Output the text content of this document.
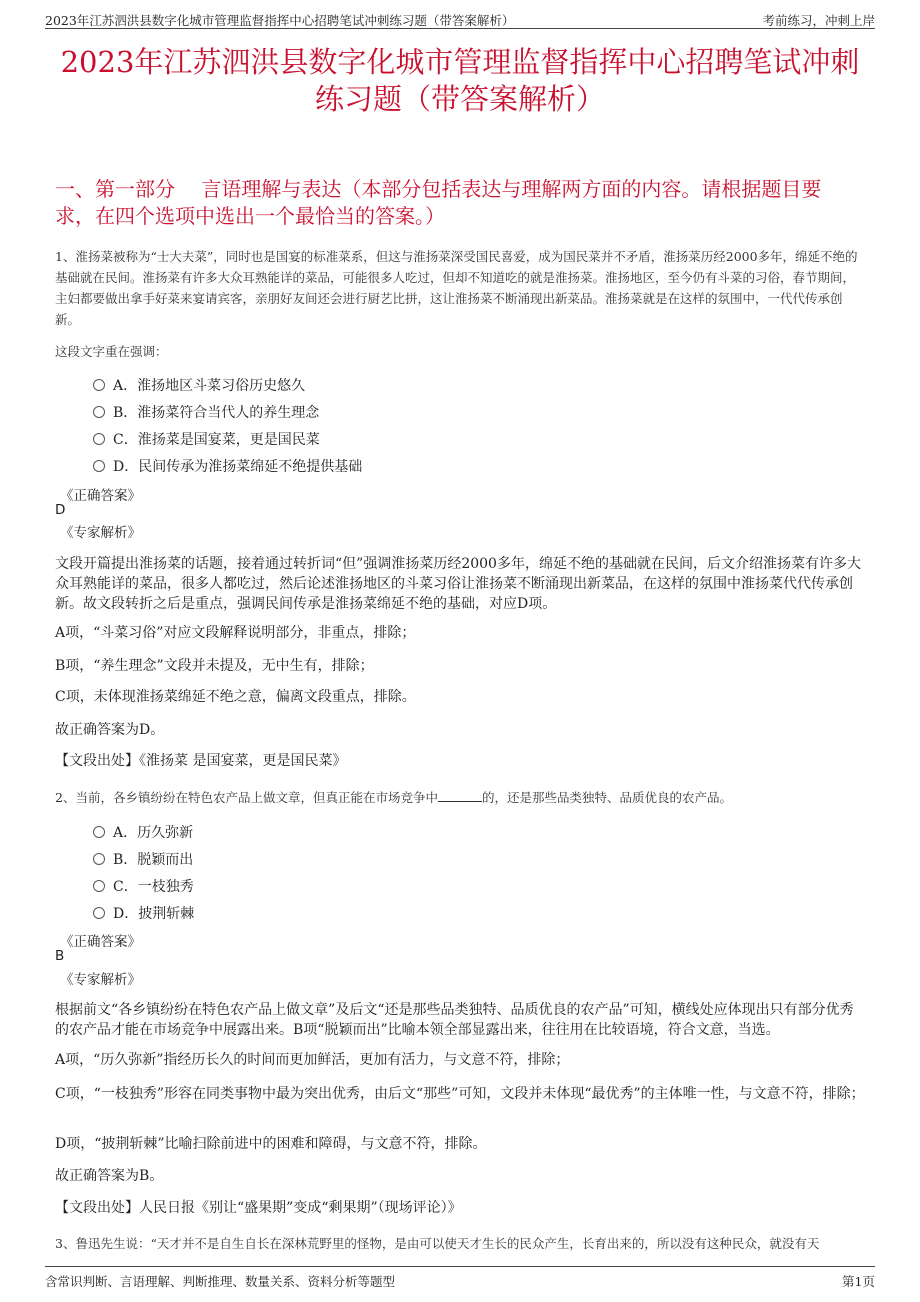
2023年江苏泗洪县数字化城市管理监督指挥中心招聘笔试冲刺练习题（带答案解析）	考前练习，冲刺上岸
2023年江苏泗洪县数字化城市管理监督指挥中心招聘笔试冲刺
练习题（带答案解析）
一、第一部分　 言语理解与表达（本部分包括表达与理解两方面的内容。请根据题目要求，在四个选项中选出一个最恰当的答案。）
1、淮扬菜被称为“士大夫菜”，同时也是国宴的标准菜系，但这与淮扬菜深受国民喜爱，成为国民菜并不矛盾，淮扬菜历经2000多年，绵延不绝的基础就在民间。淮扬菜有许多大众耳熟能详的菜品，可能很多人吃过，但却不知道吃的就是淮扬菜。淮扬地区，至今仍有斗菜的习俗，春节期间，主妇都要做出拿手好菜来宴请宾客，亲朋好友间还会进行厨艺比拼，这让淮扬菜不断涌现出新菜品。淮扬菜就是在这样的氛围中，一代代传承创新。
这段文字重在强调：
A．淮扬地区斗菜习俗历史悠久
B．淮扬菜符合当代人的养生理念
C．淮扬菜是国宴菜，更是国民菜
D．民间传承为淮扬菜绵延不绝提供基础
《正确答案》
D
《专家解析》
文段开篇提出淮扬菜的话题，接着通过转折词“但”强调淮扬菜历经2000多年，绵延不绝的基础就在民间，后文介绍淮扬菜有许多大众耳熟能详的菜品，很多人都吃过，然后论述淮扬地区的斗菜习俗让淮扬菜不断涌现出新菜品，在这样的氛围中淮扬菜代代传承创新。故文段转折之后是重点，强调民间传承是淮扬菜绵延不绝的基础，对应D项。
A项，“斗菜习俗”对应文段解释说明部分，非重点，排除；
B项，“养生理念”文段并未提及，无中生有，排除；
C项，未体现淮扬菜绵延不绝之意，偏离文段重点，排除。
故正确答案为D。
【文段出处】《淮扬菜 是国宴菜，更是国民菜》
2、当前，各乡镇纷纷在特色农产品上做文章，但真正能在市场竞争中	的，还是那些品类独特、品质优良的农产品。
A．历久弥新
B．脱颖而出
C．一枝独秀
D．披荆斩棘
《正确答案》
B
《专家解析》
根据前文“各乡镇纷纷在特色农产品上做文章”及后文“还是那些品类独特、品质优良的农产品”可知，横线处应体现出只有部分优秀的农产品才能在市场竞争中展露出来。B项“脱颖而出”比喻本领全部显露出来，往往用在比较语境，符合文意，当选。
A项，“历久弥新”指经历长久的时间而更加鲜活，更加有活力，与文意不符，排除；
C项，“一枝独秀”形容在同类事物中最为突出优秀，由后文“那些”可知，文段并未体现“最优秀”的主体唯一性，与文意不符，排除；
D项，“披荆斩棘”比喻扫除前进中的困难和障碍，与文意不符，排除。
故正确答案为B。
【文段出处】人民日报《别让“盛果期”变成“剩果期”（现场评论）》
3、鲁迅先生说：“天才并不是自生自长在深林荒野里的怪物，是由可以使天才生长的民众产生，长育出来的，所以没有这种民众，就没有天
含常识判断、言语理解、判断推理、数量关系、资料分析等题型	第1页
